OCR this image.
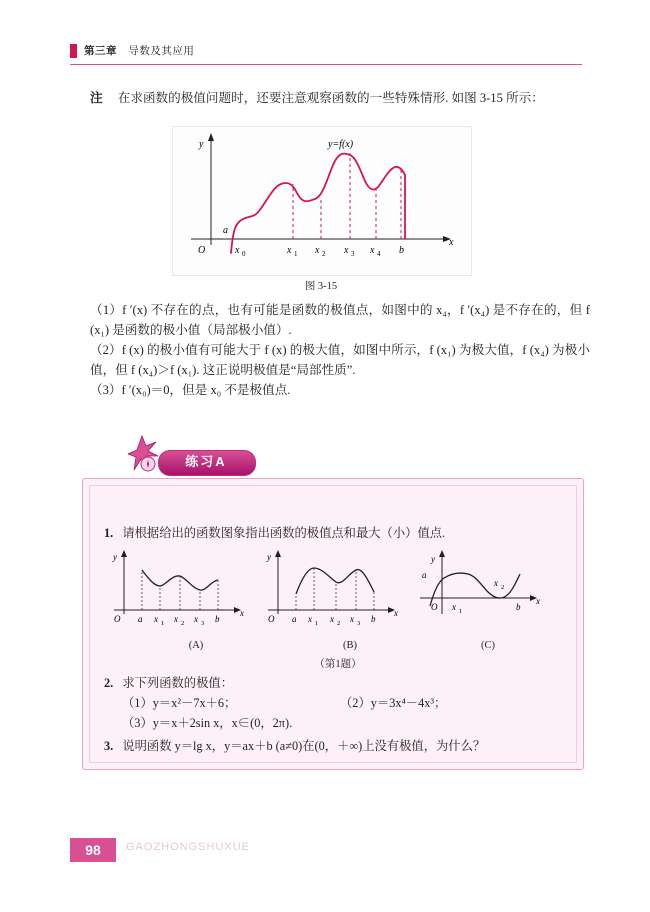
第三章 导数及其应用
注 在求函数的极值问题时，还要注意观察函数的一些特殊情形. 如图 3-15 所示：
y
x
O
y=f(x)
a
x 0	x 1 x 2 x 3 x 4 b
图 3-15
（1）f ′(x) 不存在的点，也有可能是函数的极值点，如图中的 x₄，f ′(x₄) 是不存在的，但 f (x₁) 是函数的极小值（局部极小值）.
（2）f (x) 的极小值有可能大于 f (x) 的极大值，如图中所示，f (x₁) 为极大值，f (x₄) 为极小值，但 f (x₄)＞f (x₁). 这正说明极值是“局部性质”.
（3）f ′(x₀)＝0，但是 x₀ 不是极值点.
练习A
1. 请根据给出的函数图象指出函数的极值点和最大（小）值点.
y
x
O a x 1 x 2 x 3 b
(A)
y
x
O a x 1 x 2 x 3 b
(B)
y
x
O
a
x 1
x 2
b
(C)
（第1题）
2. 求下列函数的极值：
（1）y＝x²－7x＋6；	（2）y＝3x⁴－4x³；
（3）y＝x＋2sin x，x∈(0，2π).
3. 说明函数 y＝lg x，y＝ax＋b (a≠0)在(0，＋∞)上没有极值，为什么？
98	GAOZHONGSHUXUE
